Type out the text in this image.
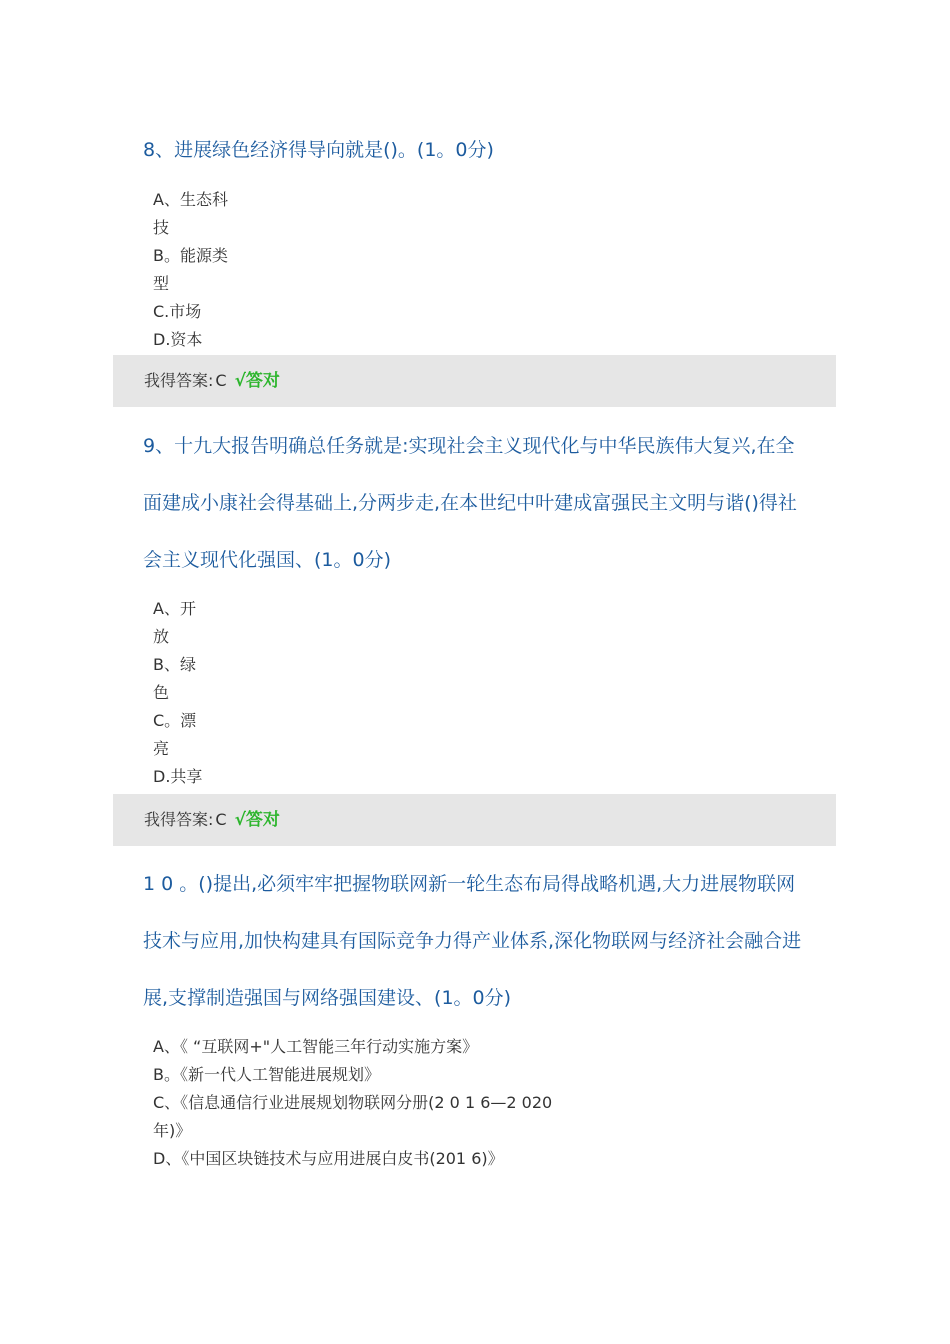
8、进展绿色经济得导向就是()。(1。0分)
A、生态科
技
B。能源类
型
C.市场
D.资本
我得答案: C √答对
9、十九大报告明确总任务就是:实现社会主义现代化与中华民族伟大复兴,在全
面建成小康社会得基础上,分两步走,在本世纪中叶建成富强民主文明与谐()得社
会主义现代化强国、(1。0分)
A、开
放
B、绿
色
C。漂
亮
D.共享
我得答案: C √答对
1 0 。()提出,必须牢牢把握物联网新一轮生态布局得战略机遇,大力进展物联网
技术与应用,加快构建具有国际竞争力得产业体系,深化物联网与经济社会融合进
展,支撑制造强国与网络强国建设、(1。0分)
A、《 “互联网+"人工智能三年行动实施方案》
B。《新一代人工智能进展规划》
C、《信息通信行业进展规划物联网分册(2 0 1 6—2 020
年)》
D、《中国区块链技术与应用进展白皮书(201 6)》
